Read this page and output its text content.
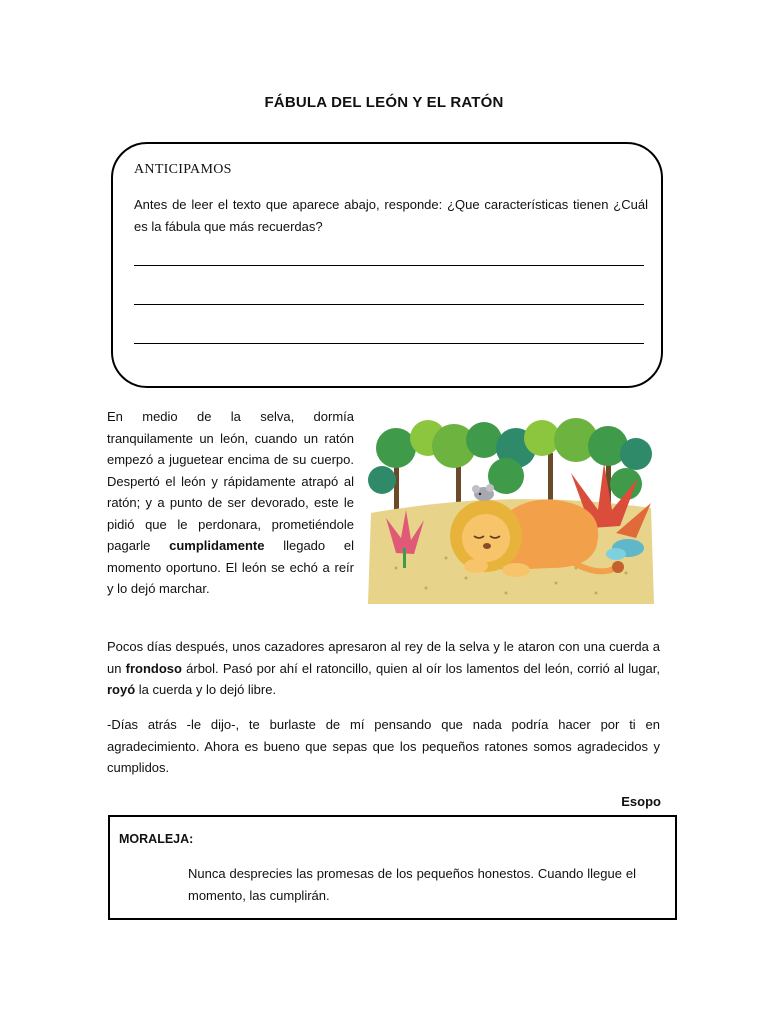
FÁBULA DEL LEÓN Y EL RATÓN
ANTICIPAMOS

Antes de leer el texto que aparece abajo, responde: ¿Que características tienen ¿Cuál es la fábula que más recuerdas?

En medio de la selva, dormía tranquilamente un león, cuando un ratón empezó a juguetear encima de su cuerpo. Despertó el león y rápidamente atrapó al ratón; y a punto de ser devorado, este le pidió que le perdonara, prometiéndole pagarle cumplidamente llegado el momento oportuno. El león se echó a reír y lo dejó marchar.

Pocos días después, unos cazadores apresaron al rey de la selva y le ataron con una cuerda a un frondoso árbol. Pasó por ahí el ratoncillo, quien al oír los lamentos del león, corrió al lugar, royó la cuerda y lo dejó libre.

-Días atrás -le dijo-, te burlaste de mí pensando que nada podría hacer por ti en agradecimiento. Ahora es bueno que sepas que los pequeños ratones somos agradecidos y cumplidos.

Esopo
MORALEJA:

Nunca desprecies las promesas de los pequeños honestos. Cuando llegue el momento, las cumplirán.
